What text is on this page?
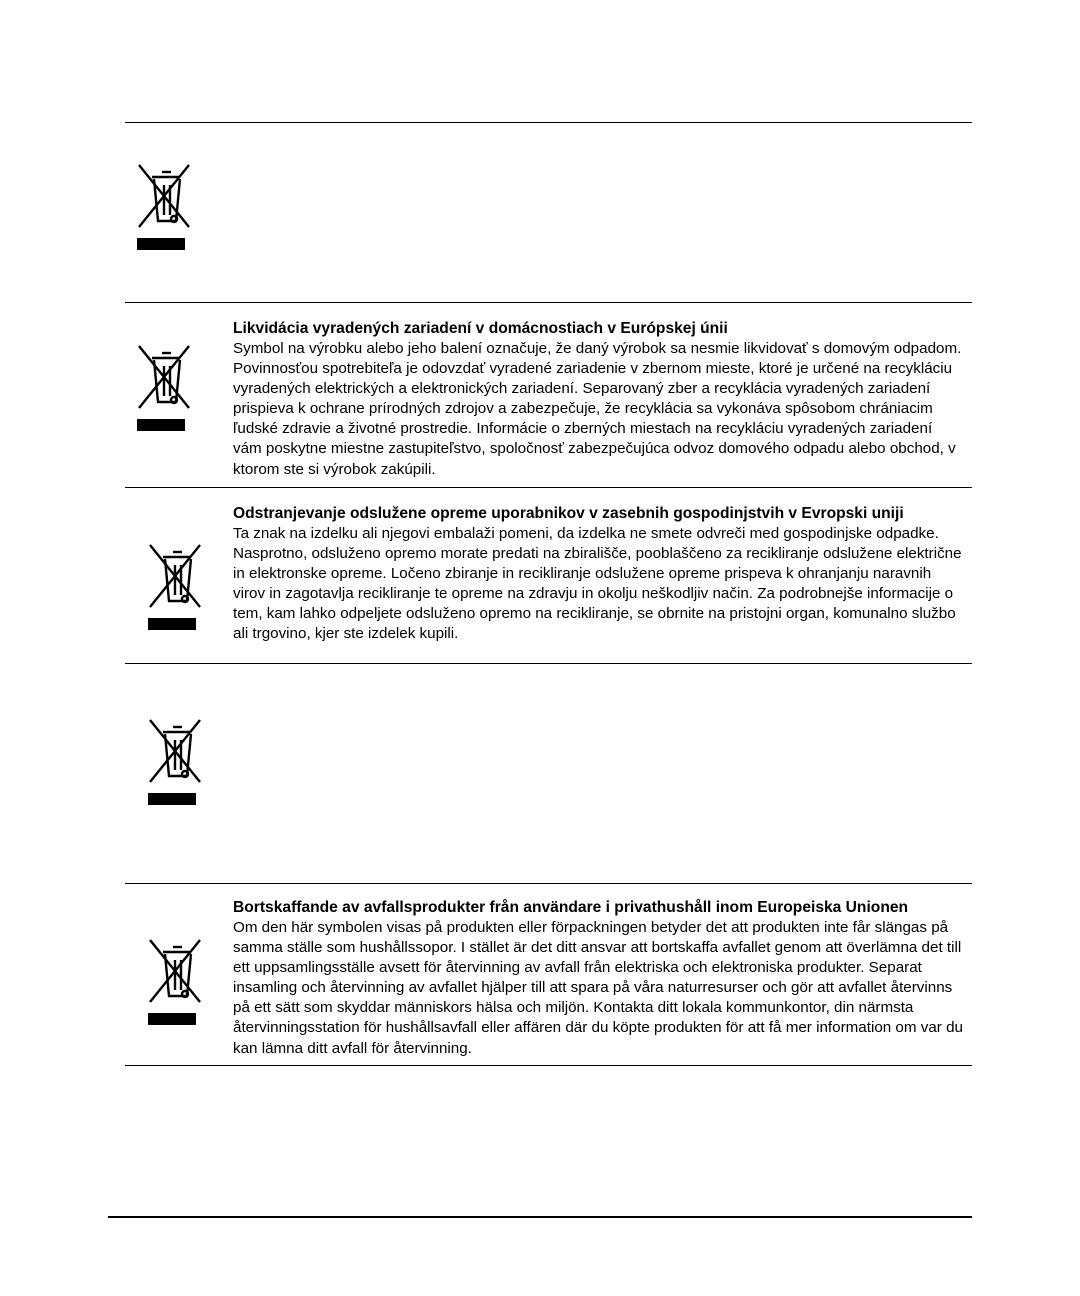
Likvidácia vyradených zariadení v domácnostiach v Európskej únii

Symbol na výrobku alebo jeho balení označuje, že daný výrobok sa nesmie likvidovať s domovým odpadom. Povinnosťou spotrebiteľa je odovzdať vyradené zariadenie v zbernom mieste, ktoré je určené na recykláciu vyradených elektrických a elektronických zariadení. Separovaný zber a recyklácia vyradených zariadení prispieva k ochrane prírodných zdrojov a zabezpečuje, že recyklácia sa vykonáva spôsobom chrániacim ľudské zdravie a životné prostredie. Informácie o zberných miestach na recykláciu vyradených zariadení vám poskytne miestne zastupiteľstvo, spoločnosť zabezpečujúca odvoz domového odpadu alebo obchod, v ktorom ste si výrobok zakúpili.

Odstranjevanje odslužene opreme uporabnikov v zasebnih gospodinjstvih v Evropski uniji

Ta znak na izdelku ali njegovi embalaži pomeni, da izdelka ne smete odvreči med gospodinjske odpadke. Nasprotno, odsluženo opremo morate predati na zbirališče, pooblaščeno za recikliranje odslužene električne in elektronske opreme. Ločeno zbiranje in recikliranje odslužene opreme prispeva k ohranjanju naravnih virov in zagotavlja recikliranje te opreme na zdravju in okolju neškodljiv način. Za podrobnejše informacije o tem, kam lahko odpeljete odsluženo opremo na recikliranje, se obrnite na pristojni organ, komunalno službo ali trgovino, kjer ste izdelek kupili.

Bortskaffande av avfallsprodukter från användare i privathushåll inom Europeiska Unionen

Om den här symbolen visas på produkten eller förpackningen betyder det att produkten inte får slängas på samma ställe som hushållssopor. I stället är det ditt ansvar att bortskaffa avfallet genom att överlämna det till ett uppsamlingsställe avsett för återvinning av avfall från elektriska och elektroniska produkter. Separat insamling och återvinning av avfallet hjälper till att spara på våra naturresurser och gör att avfallet återvinns på ett sätt som skyddar människors hälsa och miljön. Kontakta ditt lokala kommunkontor, din närmsta återvinningsstation för hushållsavfall eller affären där du köpte produkten för att få mer information om var du kan lämna ditt avfall för återvinning.
